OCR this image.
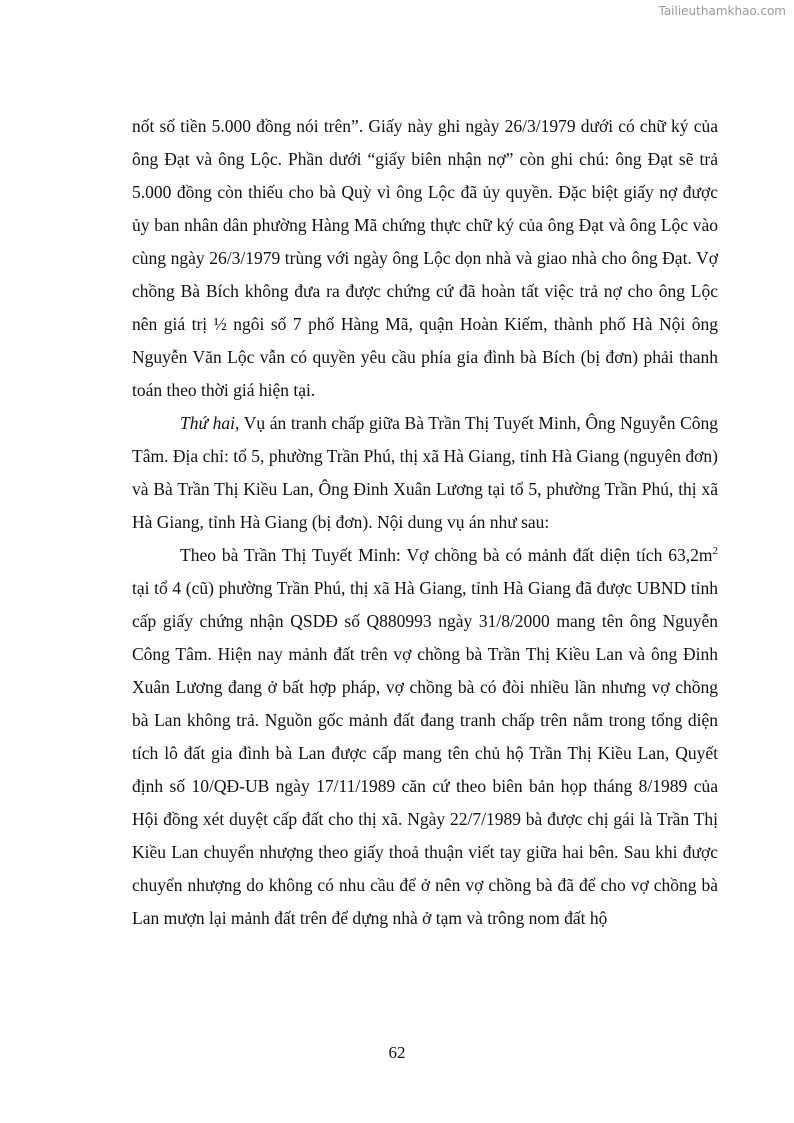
Tailieuthamkhao.com

nốt số tiền 5.000 đồng nói trên”. Giấy này ghi ngày 26/3/1979 dưới có chữ ký của ông Đạt và ông Lộc. Phần dưới “giấy biên nhận nợ” còn ghi chú: ông Đạt sẽ trả 5.000 đồng còn thiếu cho bà Quỳ vì ông Lộc đã ủy quyền. Đặc biệt giấy nợ được ủy ban nhân dân phường Hàng Mã chứng thực chữ ký của ông Đạt và ông Lộc vào cùng ngày 26/3/1979 trùng với ngày ông Lộc dọn nhà và giao nhà cho ông Đạt. Vợ chồng Bà Bích không đưa ra được chứng cứ đã hoàn tất việc trả nợ cho ông Lộc nên giá trị ½ ngôi số 7 phố Hàng Mã, quận Hoàn Kiếm, thành phố Hà Nội ông Nguyễn Văn Lộc vẫn có quyền yêu cầu phía gia đình bà Bích (bị đơn) phải thanh toán theo thời giá hiện tại.

Thứ hai, Vụ án tranh chấp giữa Bà Trần Thị Tuyết Minh, Ông Nguyễn Công Tâm. Địa chỉ: tổ 5, phường Trần Phú, thị xã Hà Giang, tỉnh Hà Giang (nguyên đơn) và Bà Trần Thị Kiều Lan, Ông Đinh Xuân Lương tại tổ 5, phường Trần Phú, thị xã Hà Giang, tỉnh Hà Giang (bị đơn). Nội dung vụ án như sau:

Theo bà Trần Thị Tuyết Minh: Vợ chồng bà có mảnh đất diện tích $63,2m^2$ tại tổ 4 (cũ) phường Trần Phú, thị xã Hà Giang, tỉnh Hà Giang đã được UBND tỉnh cấp giấy chứng nhận QSDĐ số Q880993 ngày 31/8/2000 mang tên ông Nguyễn Công Tâm. Hiện nay mảnh đất trên vợ chồng bà Trần Thị Kiều Lan và ông Đinh Xuân Lương đang ở bất hợp pháp, vợ chồng bà có đòi nhiều lần nhưng vợ chồng bà Lan không trả. Nguồn gốc mảnh đất đang tranh chấp trên nằm trong tổng diện tích lô đất gia đình bà Lan được cấp mang tên chủ hộ Trần Thị Kiều Lan, Quyết định số 10/QĐ-UB ngày 17/11/1989 căn cứ theo biên bản họp tháng 8/1989 của Hội đồng xét duyệt cấp đất cho thị xã. Ngày 22/7/1989 bà được chị gái là Trần Thị Kiều Lan chuyển nhượng theo giấy thoả thuận viết tay giữa hai bên. Sau khi được chuyển nhượng do không có nhu cầu để ở nên vợ chồng bà đã để cho vợ chồng bà Lan mượn lại mảnh đất trên để dựng nhà ở tạm và trông nom đất hộ

62
